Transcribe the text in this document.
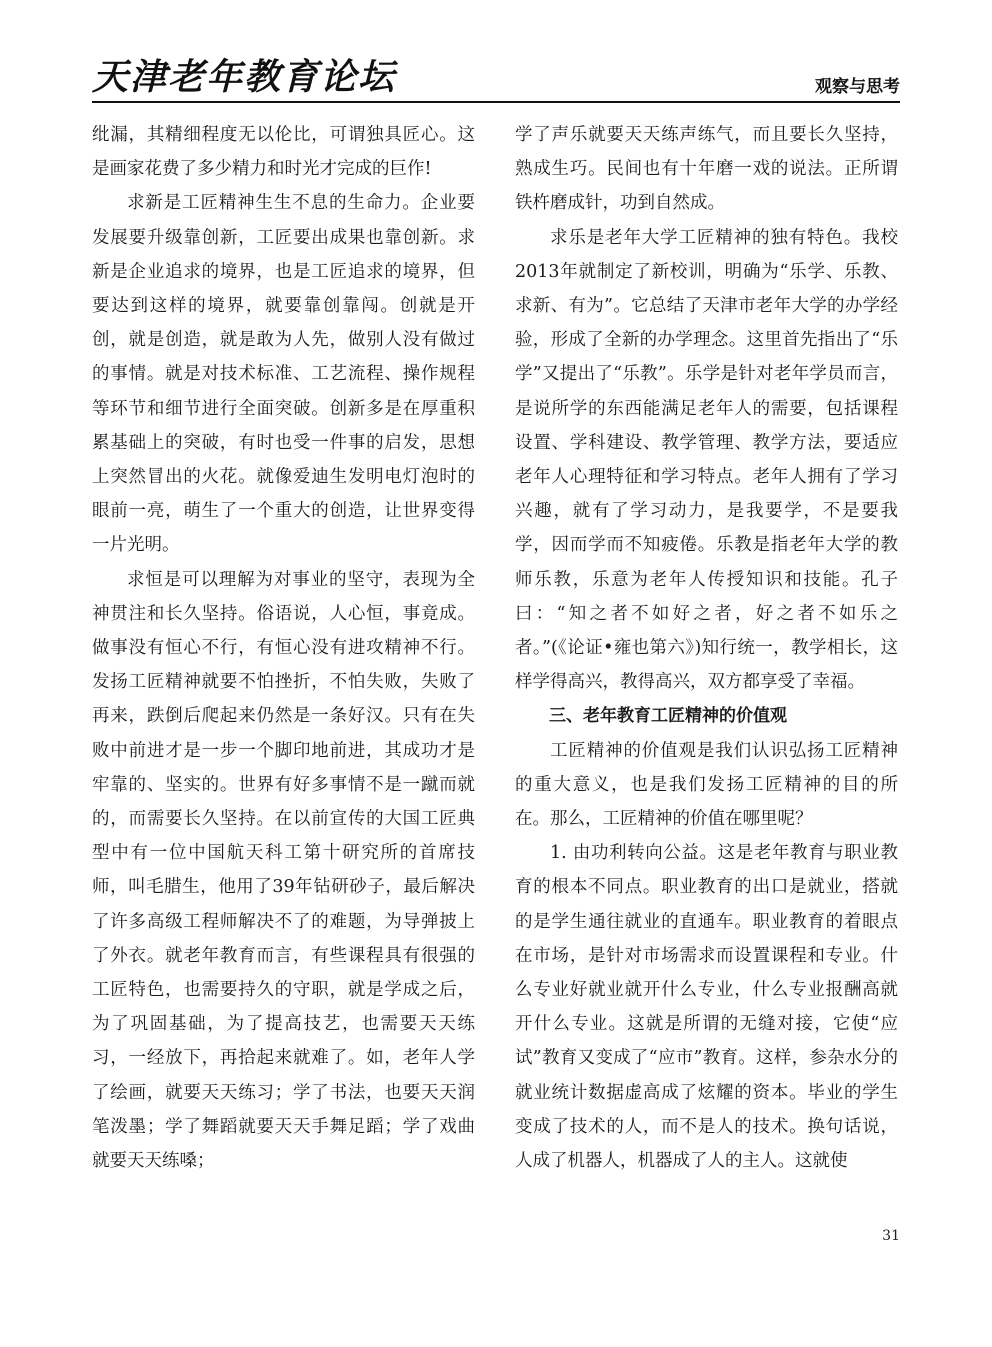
天津老年教育论坛	观察与思考

纰漏，其精细程度无以伦比，可谓独具匠心。这是画家花费了多少精力和时光才完成的巨作!

求新是工匠精神生生不息的生命力。企业要发展要升级靠创新，工匠要出成果也靠创新。求新是企业追求的境界，也是工匠追求的境界，但要达到这样的境界，就要靠创靠闯。创就是开创，就是创造，就是敢为人先，做别人没有做过的事情。就是对技术标准、工艺流程、操作规程等环节和细节进行全面突破。创新多是在厚重积累基础上的突破，有时也受一件事的启发，思想上突然冒出的火花。就像爱迪生发明电灯泡时的眼前一亮，萌生了一个重大的创造，让世界变得一片光明。

求恒是可以理解为对事业的坚守，表现为全神贯注和长久坚持。俗语说，人心恒，事竟成。做事没有恒心不行，有恒心没有进攻精神不行。发扬工匠精神就要不怕挫折，不怕失败，失败了再来，跌倒后爬起来仍然是一条好汉。只有在失败中前进才是一步一个脚印地前进，其成功才是牢靠的、坚实的。世界有好多事情不是一蹴而就的，而需要长久坚持。在以前宣传的大国工匠典型中有一位中国航天科工第十研究所的首席技师，叫毛腊生，他用了39年钻研砂子，最后解决了许多高级工程师解决不了的难题，为导弹披上了外衣。就老年教育而言，有些课程具有很强的工匠特色，也需要持久的守职，就是学成之后，为了巩固基础，为了提高技艺，也需要天天练习，一经放下，再拾起来就难了。如，老年人学了绘画，就要天天练习；学了书法，也要天天润笔泼墨；学了舞蹈就要天天手舞足蹈；学了戏曲就要天天练嗓；

学了声乐就要天天练声练气，而且要长久坚持，熟成生巧。民间也有十年磨一戏的说法。正所谓铁杵磨成针，功到自然成。

求乐是老年大学工匠精神的独有特色。我校2013年就制定了新校训，明确为“乐学、乐教、求新、有为”。它总结了天津市老年大学的办学经验，形成了全新的办学理念。这里首先指出了“乐学”又提出了“乐教”。乐学是针对老年学员而言，是说所学的东西能满足老年人的需要，包括课程设置、学科建设、教学管理、教学方法，要适应老年人心理特征和学习特点。老年人拥有了学习兴趣，就有了学习动力，是我要学，不是要我学，因而学而不知疲倦。乐教是指老年大学的教师乐教，乐意为老年人传授知识和技能。孔子曰：“知之者不如好之者，好之者不如乐之者。”(《论证•雍也第六》)知行统一，教学相长，这样学得高兴，教得高兴，双方都享受了幸福。

三、老年教育工匠精神的价值观

工匠精神的价值观是我们认识弘扬工匠精神的重大意义，也是我们发扬工匠精神的目的所在。那么，工匠精神的价值在哪里呢？

1. 由功利转向公益。这是老年教育与职业教育的根本不同点。职业教育的出口是就业，搭就的是学生通往就业的直通车。职业教育的着眼点在市场，是针对市场需求而设置课程和专业。什么专业好就业就开什么专业，什么专业报酬高就开什么专业。这就是所谓的无缝对接，它使“应试”教育又变成了“应市”教育。这样，参杂水分的就业统计数据虚高成了炫耀的资本。毕业的学生变成了技术的人，而不是人的技术。换句话说，人成了机器人，机器成了人的主人。这就使

31
